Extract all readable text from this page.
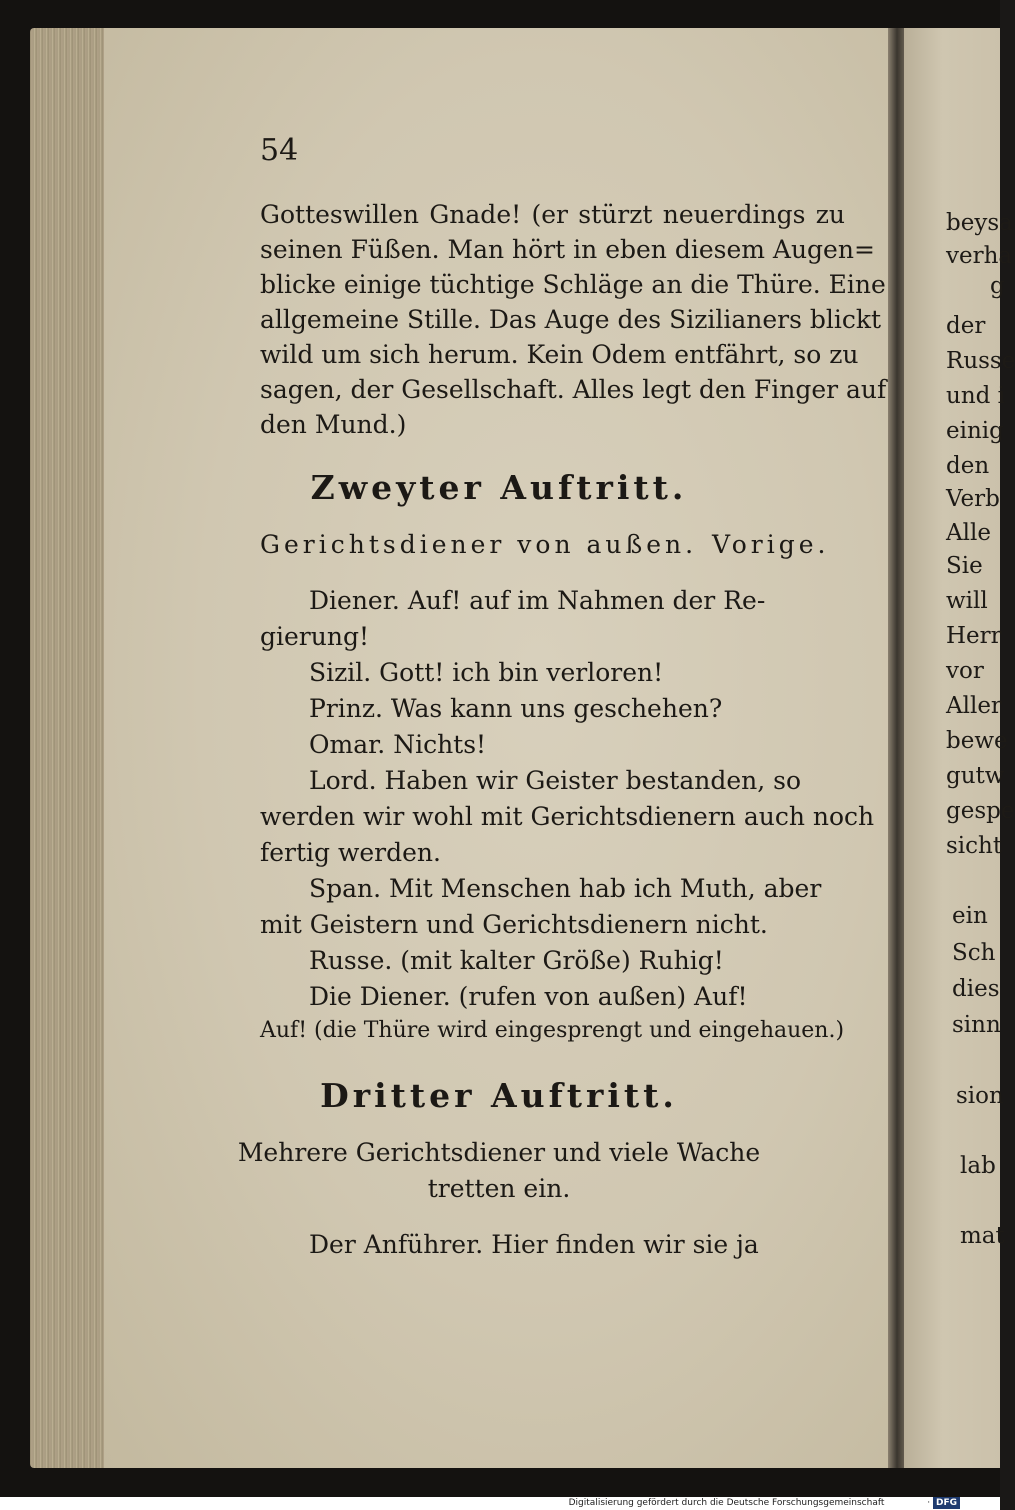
54
Gotteswillen Gnade! (er stürzt neuerdings zu
seinen Füßen. Man hört in eben diesem Augen=
blicke einige tüchtige Schläge an die Thüre. Eine
allgemeine Stille. Das Auge des Sizilianers blickt
wild um sich herum. Kein Odem entfährt, so zu
sagen, der Gesellschaft. Alles legt den Finger auf
den Mund.)
Zweyter Auftritt.
Gerichtsdiener von außen. Vorige.
Diener. Auf! auf im Nahmen der Re-
gierung!
Sizil. Gott! ich bin verloren!
Prinz. Was kann uns geschehen?
Omar. Nichts!
Lord. Haben wir Geister bestanden, so
werden wir wohl mit Gerichtsdienern auch noch
fertig werden.
Span. Mit Menschen hab ich Muth, aber
mit Geistern und Gerichtsdienern nicht.
Russe. (mit kalter Größe) Ruhig!
Die Diener. (rufen von außen) Auf!
Auf! (die Thüre wird eingesprengt und eingehauen.)
Dritter Auftritt.
Mehrere Gerichtsdiener und viele Wache
tretten ein.
Der Anführer. Hier finden wir sie ja
beysa
verha
g
der
Russe
und i
einig
den
Verb
Alle
Sie
will
Herr
vor
Aller
bewe
gutw
gespe
sicht
ein
Sch
dies
sinn
sion
lab
mat
Digitalisierung gefördert durch die Deutsche Forschungsgemeinschaft	· DFG
